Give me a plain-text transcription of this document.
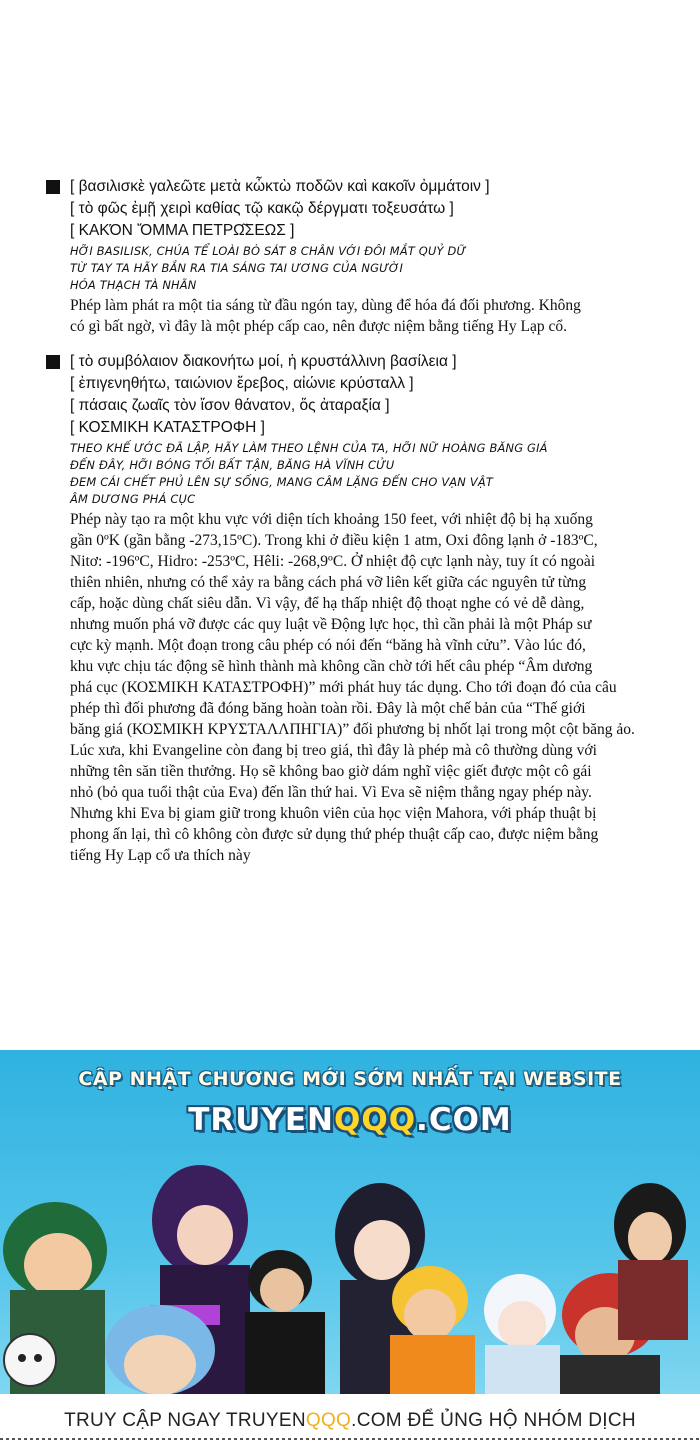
[ βασιλισκὲ γαλεῶτε μετὰ κὦκτὼ ποδῶν καὶ κακοῖν ὀμμάτοιν ]
[ τὸ φῶς ἐμῇ χειρὶ καθίας τῷ κακῷ δέργματι τοξευσάτω ]
[ ΚΑΚΌΝ ὌΜΜΑ ΠΕΤΡΩ͂ΣΕΩΣ ]
HỠI BASILISK, CHÚA TỂ LOÀI BÒ SÁT 8 CHÂN VỚI ĐÔI MẮT QUỶ DỮ
TỪ TAY TA HÃY BẮN RA TIA SÁNG TAI ƯƠNG CỦA NGƯỜI
HÓA THẠCH TÀ NHÃN
Phép làm phát ra một tia sáng từ đầu ngón tay, dùng để hóa đá đối phương. Không
có gì bất ngờ, vì đây là một phép cấp cao, nên được niệm bằng tiếng Hy Lạp cổ.
[ τὸ συμβόλαιον διακονήτω μοί, ἡ κρυστάλλινη βασίλεια ]
[ ἐπιγενηθήτω, ταιώνιον ἔρεβος, αἰώνιε κρύσταλλ ]
[ πάσαις ζωαῖς τὸν ἴσον θάνατον, ὅς ἀταραξία ]
[ ΚΟΣΜΙΚΗ ΚΑΤΑΣΤΡΟΦΗ ]
THEO KHẾ ƯỚC ĐÃ LẬP, HÃY LÀM THEO LỆNH CỦA TA, HỠI NỮ HOÀNG BĂNG GIÁ
ĐẾN ĐÂY, HỠI BÓNG TỐI BẤT TẬN, BĂNG HÀ VĨNH CỬU
ĐEM CÁI CHẾT PHỦ LÊN SỰ SỐNG, MANG CÂM LẶNG ĐẾN CHO VẠN VẬT
ÂM DƯƠNG PHÁ CỤC
Phép này tạo ra một khu vực với diện tích khoảng 150 feet, với nhiệt độ bị hạ xuống
gần 0ºK (gần bằng -273,15ºC). Trong khi ở điều kiện 1 atm, Oxi đông lạnh ở -183ºC,
Nitơ: -196ºC, Hidro: -253ºC, Hêli: -268,9ºC. Ở nhiệt độ cực lạnh này, tuy ít có ngoài
thiên nhiên, nhưng có thể xảy ra bằng cách phá vỡ liên kết giữa các nguyên tử từng
cấp, hoặc dùng chất siêu dẫn. Vì vậy, để hạ thấp nhiệt độ thoạt nghe có vẻ dễ dàng,
nhưng muốn phá vỡ được các quy luật về Động lực học, thì cần phải là một Pháp sư
cực kỳ mạnh. Một đoạn trong câu phép có nói đến “băng hà vĩnh cửu”. Vào lúc đó,
khu vực chịu tác động sẽ hình thành mà không cần chờ tới hết câu phép “Âm dương
phá cục (ΚΟΣΜΙΚΗ ΚΑΤΑΣΤΡΟΦΗ)” mới phát huy tác dụng. Cho tới đoạn đó của câu
phép thì đối phương đã đóng băng hoàn toàn rồi. Đây là một chế bản của “Thế giới
băng giá (ΚΟΣΜΙΚΗ ΚΡΥΣΤΑΛΛΠΗΓΙΑ)” đối phương bị nhốt lại trong một cột băng ảo.
Lúc xưa, khi Evangeline còn đang bị treo giá, thì đây là phép mà cô thường dùng với
những tên săn tiền thưởng. Họ sẽ không bao giờ dám nghĩ việc giết được một cô gái
nhỏ (bỏ qua tuổi thật của Eva) đến lần thứ hai. Vì Eva sẽ niệm thẳng ngay phép này.
Nhưng khi Eva bị giam giữ trong khuôn viên của học viện Mahora, với pháp thuật bị
phong ấn lại, thì cô không còn được sử dụng thứ phép thuật cấp cao, được niệm bằng
tiếng Hy Lạp cổ ưa thích này
CẬP NHẬT CHƯƠNG MỚI SỚM NHẤT TẠI WEBSITE
TRUYENQQQ.COM
TRUY CẬP NGAY TRUYENQQQ.COM ĐỂ ỦNG HỘ NHÓM DỊCH
